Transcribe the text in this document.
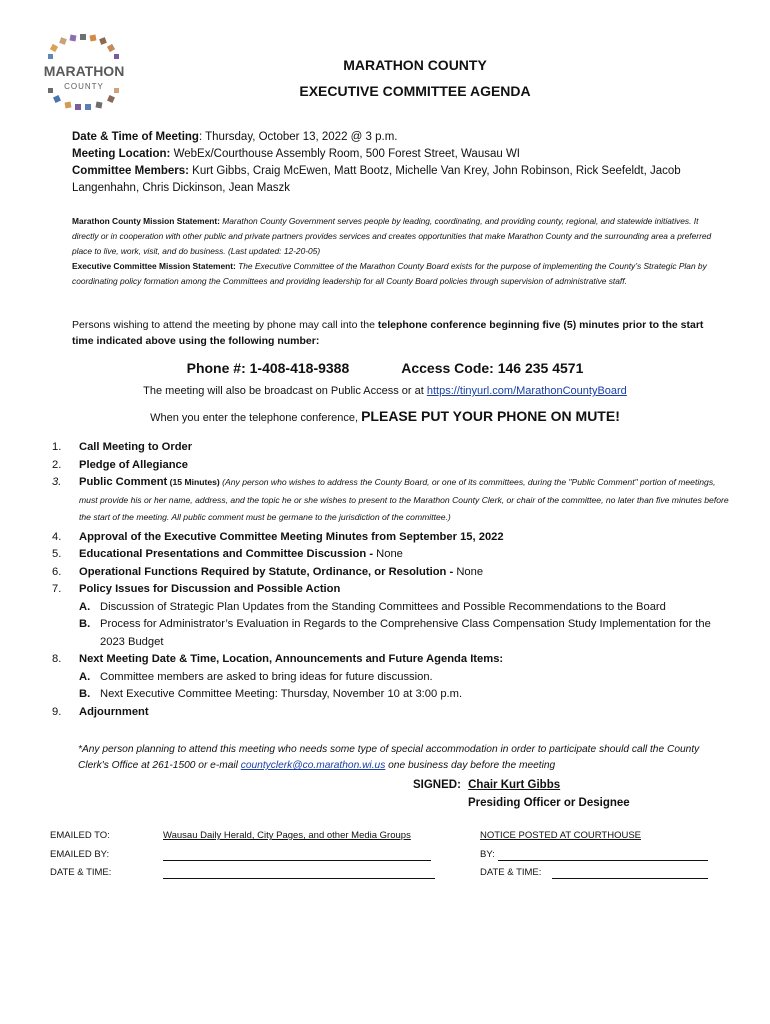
MARATHON
COUNTY
MARATHON COUNTY
EXECUTIVE COMMITTEE AGENDA
Date & Time of Meeting: Thursday, October 13, 2022 @ 3 p.m.
Meeting Location: WebEx/Courthouse Assembly Room, 500 Forest Street, Wausau WI
Committee Members: Kurt Gibbs, Craig McEwen, Matt Bootz, Michelle Van Krey, John Robinson, Rick Seefeldt, Jacob Langenhahn, Chris Dickinson, Jean Maszk
Marathon County Mission Statement: Marathon County Government serves people by leading, coordinating, and providing county, regional, and statewide initiatives. It directly or in cooperation with other public and private partners provides services and creates opportunities that make Marathon County and the surrounding area a preferred place to live, work, visit, and do business. (Last updated: 12-20-05)
Executive Committee Mission Statement: The Executive Committee of the Marathon County Board exists for the purpose of implementing the County’s Strategic Plan by coordinating policy formation among the Committees and providing leadership for all County Board policies through supervision of administrative staff.
Persons wishing to attend the meeting by phone may call into the telephone conference beginning five (5) minutes prior to the start time indicated above using the following number:
Phone #: 1-408-418-9388	Access Code: 146 235 4571
The meeting will also be broadcast on Public Access or at https://tinyurl.com/MarathonCountyBoard
When you enter the telephone conference, PLEASE PUT YOUR PHONE ON MUTE!
1.	Call Meeting to Order
2.	Pledge of Allegiance
3.	Public Comment (15 Minutes) (Any person who wishes to address the County Board, or one of its committees, during the "Public Comment" portion of meetings, must provide his or her name, address, and the topic he or she wishes to present to the Marathon County Clerk, or chair of the committee, no later than five minutes before the start of the meeting. All public comment must be germane to the jurisdiction of the committee.)
4.	Approval of the Executive Committee Meeting Minutes from September 15, 2022
5.	Educational Presentations and Committee Discussion - None
6.	Operational Functions Required by Statute, Ordinance, or Resolution - None
7.	Policy Issues for Discussion and Possible Action
A. Discussion of Strategic Plan Updates from the Standing Committees and Possible Recommendations to the Board
B. Process for Administrator’s Evaluation in Regards to the Comprehensive Class Compensation Study Implementation for the 2023 Budget
8.	Next Meeting Date & Time, Location, Announcements and Future Agenda Items:
A. Committee members are asked to bring ideas for future discussion.
B. Next Executive Committee Meeting: Thursday, November 10 at 3:00 p.m.
9.	Adjournment
*Any person planning to attend this meeting who needs some type of special accommodation in order to participate should call the County Clerk's Office at 261-1500 or e-mail countyclerk@co.marathon.wi.us one business day before the meeting
SIGNED: Chair Kurt Gibbs
Presiding Officer or Designee
EMAILED TO:	Wausau Daily Herald, City Pages, and other Media Groups	NOTICE POSTED AT COURTHOUSE
EMAILED BY:	BY:
DATE & TIME:	DATE & TIME:
